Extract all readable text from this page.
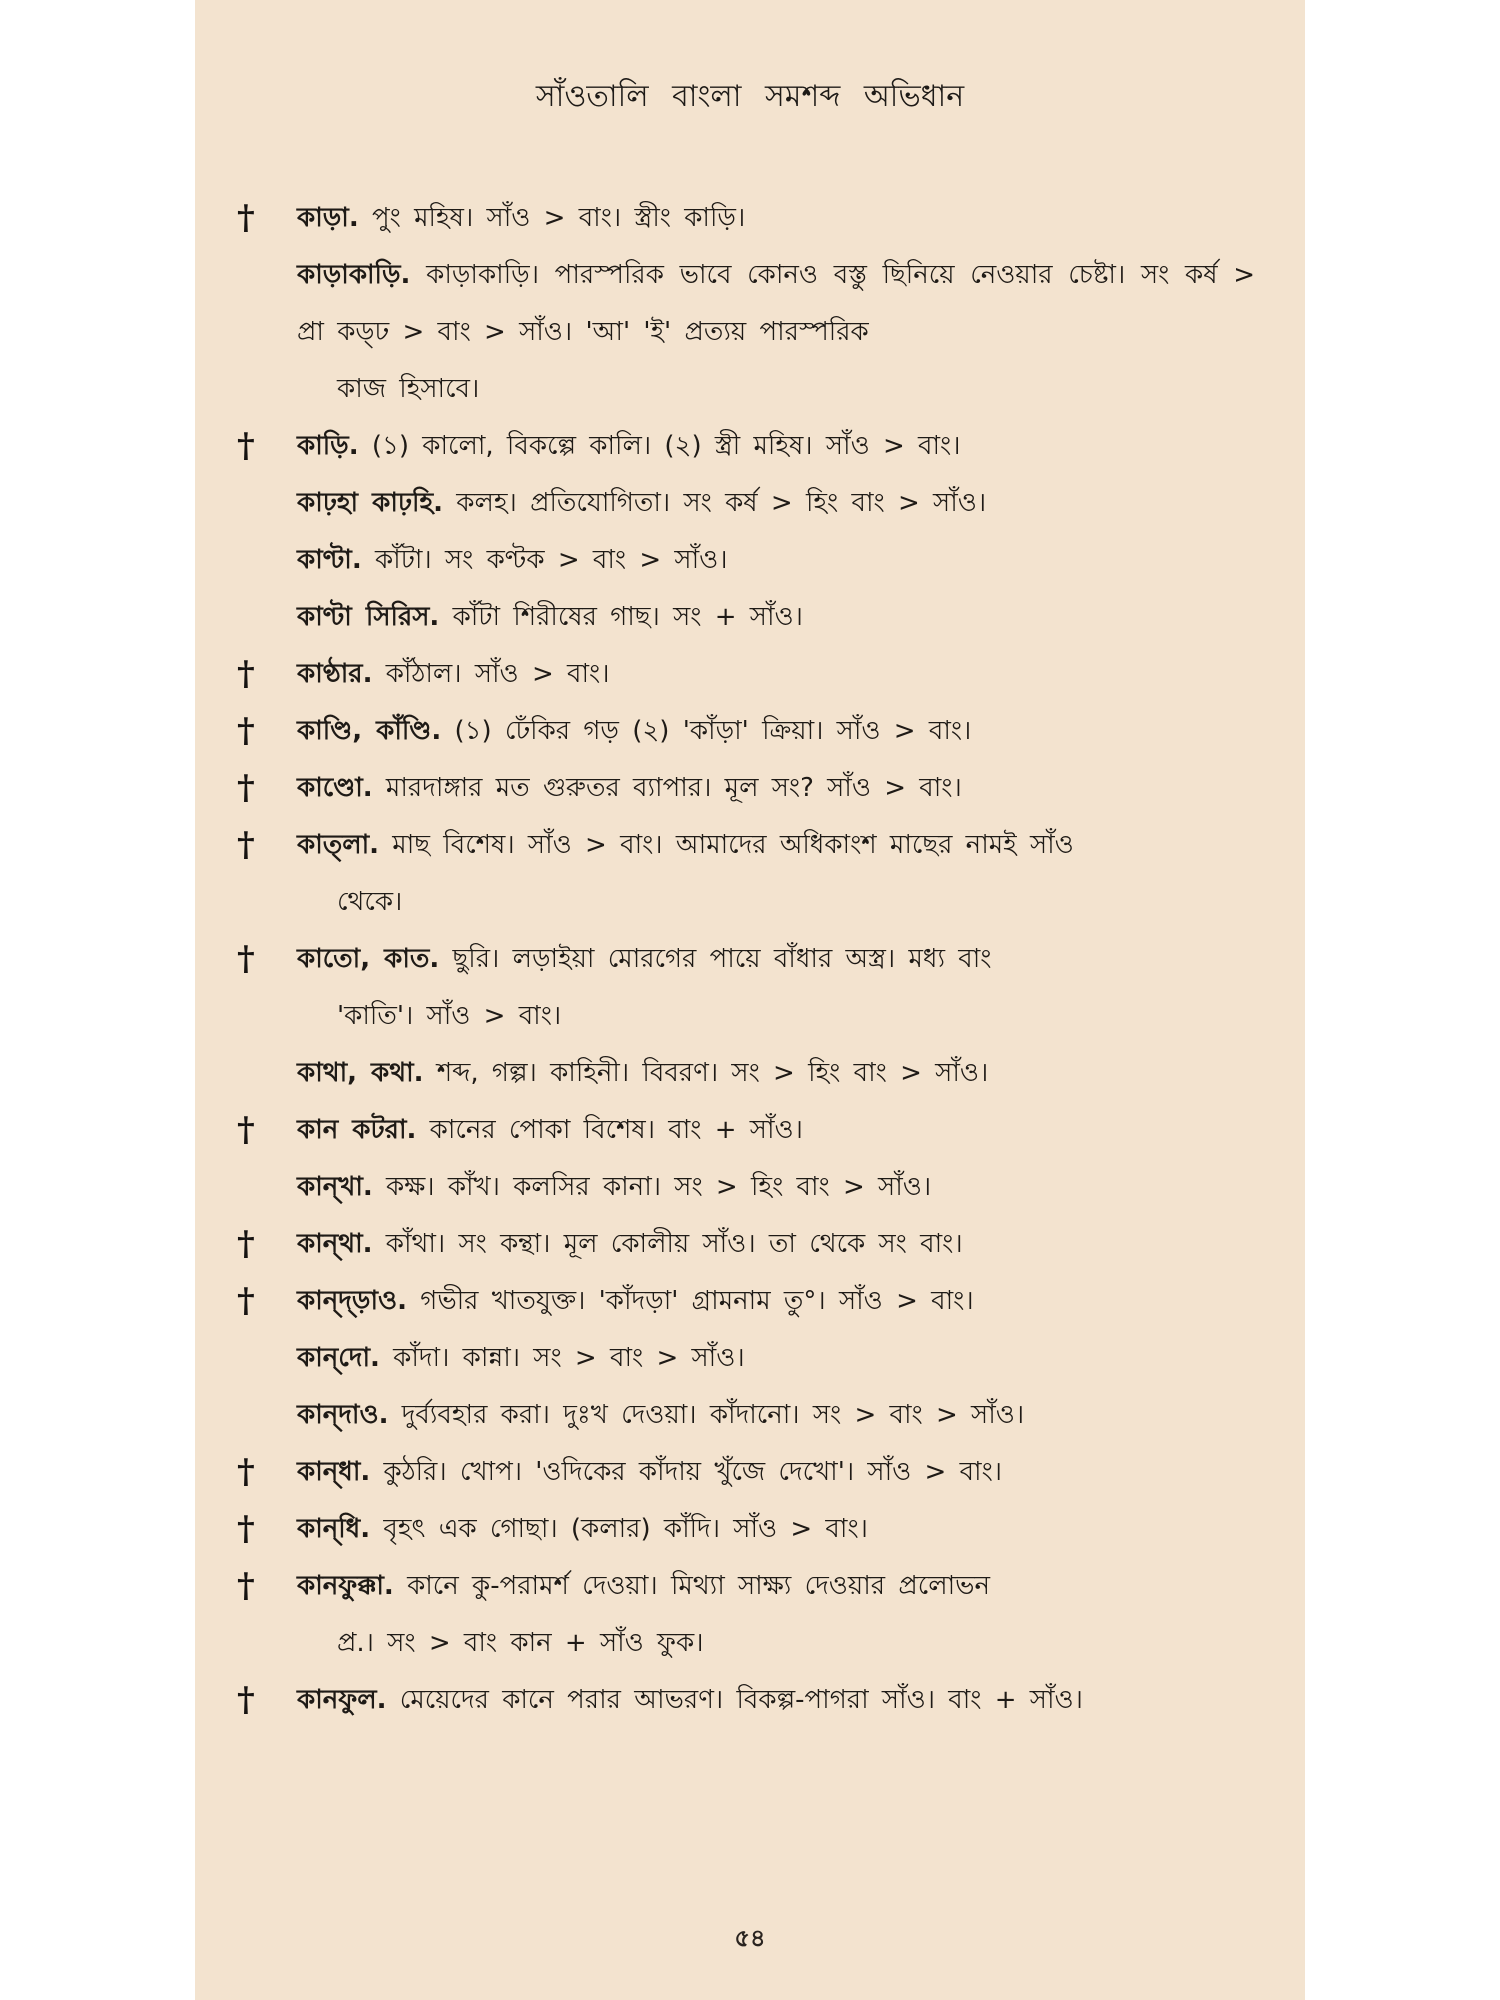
সাঁওতালি বাংলা সমশব্দ অভিধান
† কাড়া. পুং মহিষ। সাঁও > বাং। স্ত্রীং কাড়ি।
কাড়াকাড়ি. কাড়াকাড়ি। পারস্পরিক ভাবে কোনও বস্তু ছিনিয়ে নেওয়ার চেষ্টা। সং কর্ষ > প্রা কড্ঢ > বাং > সাঁও। 'আ' 'ই' প্রত্যয় পারস্পরিক
কাজ হিসাবে।
† কাড়ি. (১) কালো, বিকল্পে কালি। (২) স্ত্রী মহিষ। সাঁও > বাং।
কাঢ়হা কাঢ়হি. কলহ। প্রতিযোগিতা। সং কর্ষ > হিং বাং > সাঁও।
কাণ্টা. কাঁটা। সং কণ্টক > বাং > সাঁও।
কাণ্টা সিরিস. কাঁটা শিরীষের গাছ। সং + সাঁও।
† কাণ্ঠার. কাঁঠাল। সাঁও > বাং।
† কাণ্ডি, কাঁণ্ডি. (১) ঢেঁকির গড় (২) 'কাঁড়া' ক্রিয়া। সাঁও > বাং।
† কাণ্ডো. মারদাঙ্গার মত গুরুতর ব্যাপার। মূল সং? সাঁও > বাং।
† কাত্‌লা. মাছ বিশেষ। সাঁও > বাং। আমাদের অধিকাংশ মাছের নামই সাঁও
থেকে।
† কাতো, কাত. ছুরি। লড়াইয়া মোরগের পায়ে বাঁধার অস্ত্র। মধ্য বাং
'কাতি'। সাঁও > বাং।
কাথা, কথা. শব্দ, গল্প। কাহিনী। বিবরণ। সং > হিং বাং > সাঁও।
† কান কটরা. কানের পোকা বিশেষ। বাং + সাঁও।
কান্‌খা. কক্ষ। কাঁখ। কলসির কানা। সং > হিং বাং > সাঁও।
† কান্‌থা. কাঁথা। সং কন্থা। মূল কোলীয় সাঁও। তা থেকে সং বাং।
† কান্‌দ্‌ড়াও. গভীর খাতযুক্ত। 'কাঁদড়া' গ্রামনাম তু°। সাঁও > বাং।
কান্‌দো. কাঁদা। কান্না। সং > বাং > সাঁও।
কান্‌দাও. দুর্ব্যবহার করা। দুঃখ দেওয়া। কাঁদানো। সং > বাং > সাঁও।
† কান্‌ধা. কুঠরি। খোপ। 'ওদিকের কাঁদায় খুঁজে দেখো'। সাঁও > বাং।
† কান্‌ধি. বৃহৎ এক গোছা। (কলার) কাঁদি। সাঁও > বাং।
† কানফুক্কা. কানে কু-পরামর্শ দেওয়া। মিথ্যা সাক্ষ্য দেওয়ার প্রলোভন
প্র.। সং > বাং কান + সাঁও ফুক।
† কানফুল. মেয়েদের কানে পরার আভরণ। বিকল্প-পাগরা সাঁও। বাং + সাঁও।
৫৪
